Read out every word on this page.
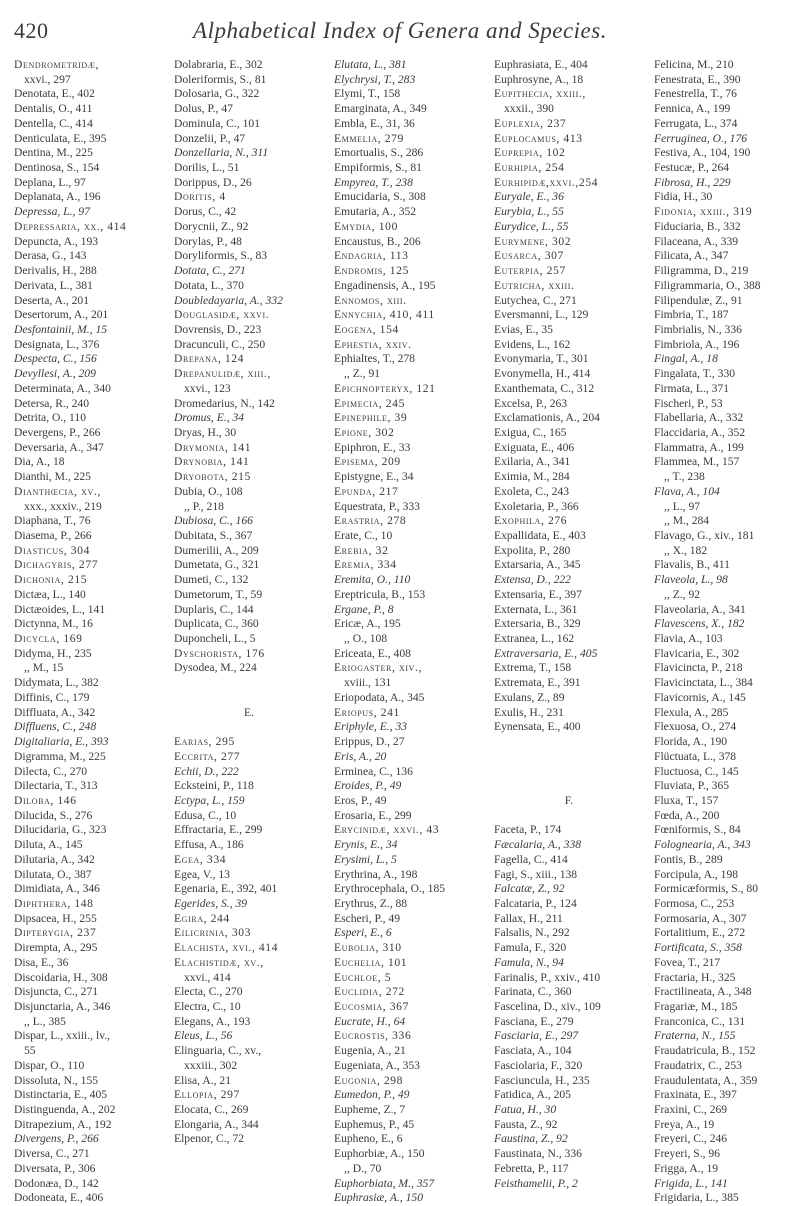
420	Alphabetical Index of Genera and Species.
Dendrometridæ,
xxvi., 297
Denotata, E., 402
Dentalis, O., 411
Dentella, C., 414
Denticulata, E., 395
Dentina, M., 225
Dentinosa, S., 154
Deplana, L., 97
Deplanata, A., 196
Depressa, L., 97
Depressaria, xx., 414
Depuncta, A., 193
Derasa, G., 143
Derivalis, H., 288
Derivata, L., 381
Deserta, A., 201
Desertorum, A., 201
Desfontainii, M., 15
Designata, L., 376
Despecta, C., 156
Devyllesi, A., 209
Determinata, A., 340
Detersa, R., 240
Detrita, O., 110
Devergens, P., 266
Deversaria, A., 347
Dia, A., 18
Dianthi, M., 225
Dianthœcia, xv.,
xxx., xxxiv., 219
Diaphana, T., 76
Diasema, P., 266
Diasticus, 304
Dichagyris, 277
Dichonia, 215
Dictæa, L., 140
Dictæoides, L., 141
Dictynna, M., 16
Dicycla, 169
Didyma, H., 235
,, M., 15
Didymata, L., 382
Diffinis, C., 179
Diffluata, A., 342
Diffluens, C., 248
Digitaliaria, E., 393
Digramma, M., 225
Dilecta, C., 270
Dilectaria, T., 313
Diloba, 146
Dilucida, S., 276
Dilucidaria, G., 323
Diluta, A., 145
Dilutaria, A., 342
Dilutata, O., 387
Dimidiata, A., 346
Diphthera, 148
Dipsacea, H., 255
Dipterygia, 237
Dirempta, A., 295
Disa, E., 36
Discoidaria, H., 308
Disjuncta, C., 271
Disjunctaria, A., 346
,, L., 385
Dispar, L., xxiii., lv.,
55
Dispar, O., 110
Dissoluta, N., 155
Distinctaria, E., 405
Distinguenda, A., 202
Ditrapezium, A., 192
Divergens, P., 266
Diversa, C., 271
Diversata, P., 306
Dodonæa, D., 142
Dodoneata, E., 406
Dolabraria, E., 302
Doleriformis, S., 81
Dolosaria, G., 322
Dolus, P., 47
Dominula, C., 101
Donzelii, P., 47
Donzellaria, N., 311
Dorilis, L., 51
Dorippus, D., 26
Doritis, 4
Dorus, C., 42
Dorycnii, Z., 92
Dorylas, P., 48
Doryliformis, S., 83
Dotata, C., 271
Dotata, L., 370
Doubledayaria, A., 332
Douglasidæ, xxvi.
Dovrensis, D., 223
Dracunculi, C., 250
Drepana, 124
Drepanulidæ, xiii.,
xxvi., 123
Dromedarius, N., 142
Dromus, E., 34
Dryas, H., 30
Drymonia, 141
Drynobia, 141
Dryobota, 215
Dubia, O., 108
,, P., 218
Dubiosa, C., 166
Dubitata, S., 367
Dumerilii, A., 209
Dumetata, G., 321
Dumeti, C., 132
Dumetorum, T., 59
Duplaris, C., 144
Duplicata, C., 360
Duponcheli, L., 5
Dyschorista, 176
Dysodea, M., 224

E.

Earias, 295
Eccrita, 277
Echii, D., 222
Ecksteini, P., 118
Ectypa, L., 159
Edusa, C., 10
Effractaria, E., 299
Effusa, A., 186
Egea, 334
Egea, V., 13
Egenaria, E., 392, 401
Egerides, S., 39
Egira, 244
Eilicrinia, 303
Elachista, xvi., 414
Elachistidæ, xv.,
xxvi., 414
Electa, C., 270
Electra, C., 10
Elegans, A., 193
Eleus, L., 56
Elinguaria, C., xv.,
xxxiii., 302
Elisa, A., 21
Ellopia, 297
Elocata, C., 269
Elongaria, A., 344
Elpenor, C., 72
Elutata, L., 381
Elychrysi, T., 283
Elymi, T., 158
Emarginata, A., 349
Embla, E., 31, 36
Emmelia, 279
Emortualis, S., 286
Empiformis, S., 81
Empyrea, T., 238
Emucidaria, S., 308
Emutaria, A., 352
Emydia, 100
Encaustus, B., 206
Endagria, 113
Endromis, 125
Engadinensis, A., 195
Ennomos, xiii.
Ennychia, 410, 411
Eogena, 154
Ephestia, xxiv.
Ephialtes, T., 278
,, Z., 91
Epichnopteryx, 121
Epimecia, 245
Epinephile, 39
Epione, 302
Epiphron, E., 33
Episema, 209
Epistygne, E., 34
Epunda, 217
Equestrata, P., 333
Erastria, 278
Erate, C., 10
Erebia, 32
Eremia, 334
Eremita, O., 110
Ereptricula, B., 153
Ergane, P., 8
Ericæ, A., 195
,, O., 108
Ericeata, E., 408
Eriogaster, xiv.,
xviii., 131
Eriopodata, A., 345
Eriopus, 241
Eriphyle, E., 33
Erippus, D., 27
Eris, A., 20
Erminea, C., 136
Eroides, P., 49
Eros, P., 49
Erosaria, E., 299
Erycinidæ, xxvi., 43
Erynis, E., 34
Erysimi, L., 5
Erythrina, A., 198
Erythrocephala, O., 185
Erythrus, Z., 88
Escheri, P., 49
Esperi, E., 6
Eubolia, 310
Euchelia, 101
Euchloe, 5
Euclidia, 272
Eucosmia, 367
Eucrate, H., 64
Eucrostis, 336
Eugenia, A., 21
Eugeniata, A., 353
Eugonia, 298
Eumedon, P., 49
Eupheme, Z., 7
Euphemus, P., 45
Eupheno, E., 6
Euphorbiæ, A., 150
,, D., 70
Euphorbiata, M., 357
Euphrasiæ, A., 150
Euphrasiata, E., 404
Euphrosyne, A., 18
Eupithecia, xxiii.,
xxxii., 390
Euplexia, 237
Euplocamus, 413
Euprepia, 102
Eurhipia, 254
Eurhipidæ,xxvi.,254
Euryale, E., 36
Eurybia, L., 55
Eurydice, L., 55
Eurymene, 302
Eusarca, 307
Euterpia, 257
Eutricha, xxiii.
Eutychea, C., 271
Eversmanni, L., 129
Evias, E., 35
Evidens, L., 162
Evonymaria, T., 301
Evonymella, H., 414
Exanthemata, C., 312
Excelsa, P., 263
Exclamationis, A., 204
Exigua, C., 165
Exiguata, E., 406
Exilaria, A., 341
Eximia, M., 284
Exoleta, C., 243
Exoletaria, P., 366
Exophila, 276
Expallidata, E., 403
Expolita, P., 280
Extarsaria, A., 345
Extensa, D., 222
Extensaria, E., 397
Externata, L., 361
Extersaria, B., 329
Extranea, L., 162
Extraversaria, E., 405
Extrema, T., 158
Extremata, E., 391
Exulans, Z., 89
Exulis, H., 231
Eynensata, E., 400

F.

Faceta, P., 174
Fæcalaria, A., 338
Fagella, C., 414
Fagi, S., xiii., 138
Falcatæ, Z., 92
Falcataria, P., 124
Fallax, H., 211
Falsalis, N., 292
Famula, F., 320
Famula, N., 94
Farinalis, P., xxiv., 410
Farinata, C., 360
Fascelina, D., xiv., 109
Fasciana, E., 279
Fasciaria, E., 297
Fasciata, A., 104
Fasciolaria, F., 320
Fasciuncula, H., 235
Fatidica, A., 205
Fatua, H., 30
Fausta, Z., 92
Faustina, Z., 92
Faustinata, N., 336
Febretta, P., 117
Feisthamelii, P., 2
Felicina, M., 210
Fenestrata, E., 390
Fenestrella, T., 76
Fennica, A., 199
Ferrugata, L., 374
Ferruginea, O., 176
Festiva, A., 104, 190
Festucæ, P., 264
Fibrosa, H., 229
Fidia, H., 30
Fidonia, xxiii., 319
Fiduciaria, B., 332
Filaceana, A., 339
Filicata, A., 347
Filigramma, D., 219
Filigrammaria, O., 388
Filipendulæ, Z., 91
Fimbria, T., 187
Fimbrialis, N., 336
Fimbriola, A., 196
Fingal, A., 18
Fingalata, T., 330
Firmata, L., 371
Fischeri, P., 53
Flabellaria, A., 332
Flaccidaria, A., 352
Flammatra, A., 199
Flammea, M., 157
,, T., 238
Flava, A., 104
,, L., 97
,, M., 284
Flavago, G., xiv., 181
,, X., 182
Flavalis, B., 411
Flaveola, L., 98
,, Z., 92
Flaveolaria, A., 341
Flavescens, X., 182
Flavia, A., 103
Flavicaria, E., 302
Flavicincta, P., 218
Flavicinctata, L., 384
Flavicornis, A., 145
Flexula, A., 285
Flexuosa, O., 274
Florida, A., 190
Flüctuata, L., 378
Fluctuosa, C., 145
Fluviata, P., 365
Fluxa, T., 157
Fœda, A., 200
Fœniformis, S., 84
Folognearia, A., 343
Fontis, B., 289
Forcipula, A., 198
Formicæformis, S., 80
Formosa, C., 253
Formosaria, A., 307
Fortalitium, E., 272
Fortificata, S., 358
Fovea, T., 217
Fractaria, H., 325
Fractilineata, A., 348
Fragariæ, M., 185
Franconica, C., 131
Fraterna, N., 155
Fraudatricula, B., 152
Fraudatrix, C., 253
Fraudulentata, A., 359
Fraxinata, E., 397
Fraxini, C., 269
Freya, A., 19
Freyeri, C., 246
Freyeri, S., 96
Frigga, A., 19
Frigida, L., 141
Frigidaria, L., 385
